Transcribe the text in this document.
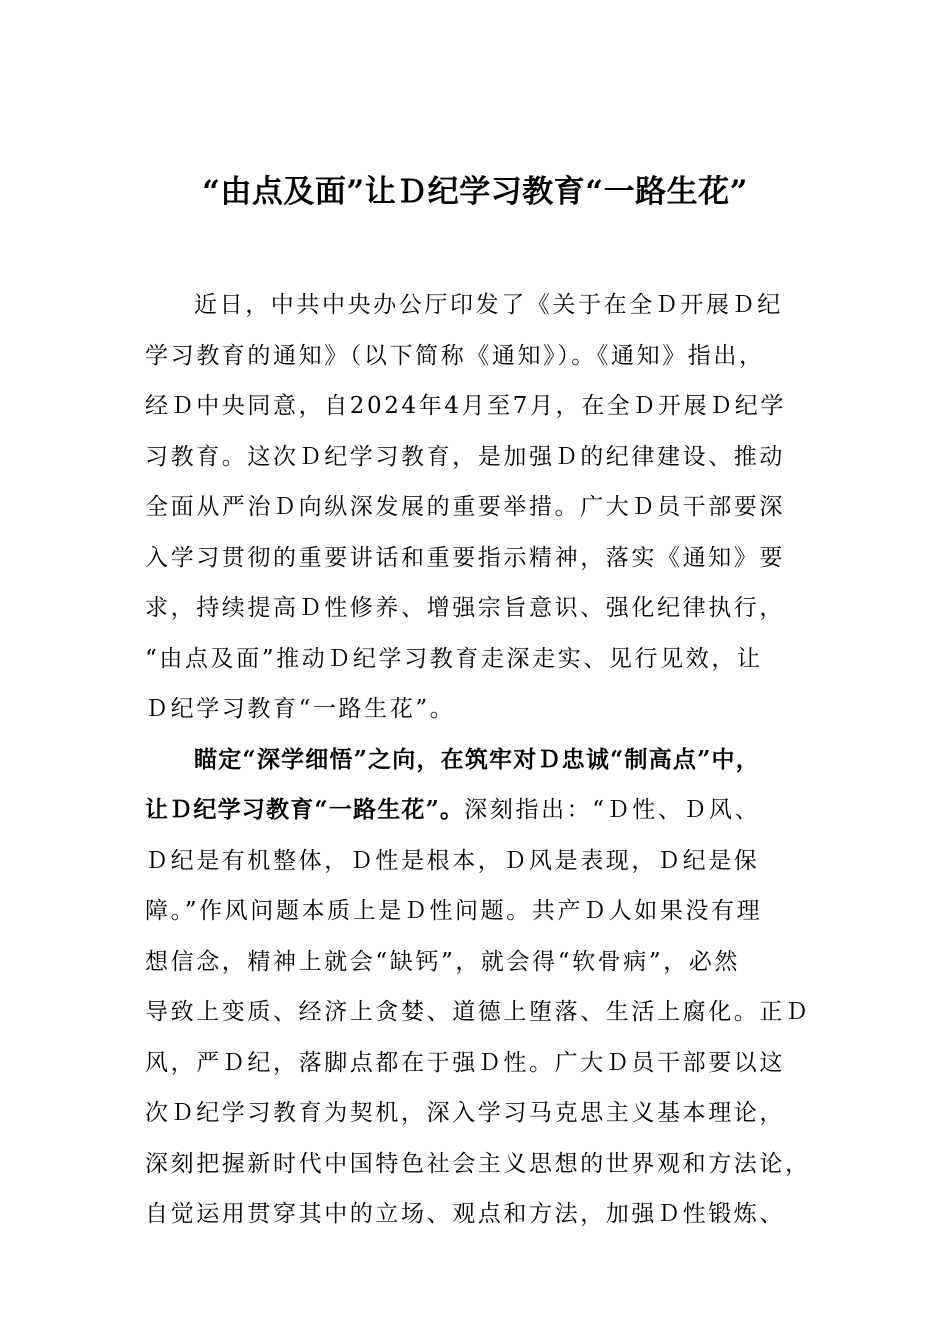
“由点及面”让Ｄ纪学习教育“一路生花”
近日，中共中央办公厅印发了《关于在全Ｄ开展Ｄ纪
学习教育的通知》（以下简称《通知》）。《通知》指出，
经Ｄ中央同意，自2024年4月至7月，在全Ｄ开展Ｄ纪学
习教育。这次Ｄ纪学习教育，是加强Ｄ的纪律建设、推动
全面从严治Ｄ向纵深发展的重要举措。广大Ｄ员干部要深
入学习贯彻的重要讲话和重要指示精神，落实《通知》要
求，持续提高Ｄ性修养、增强宗旨意识、强化纪律执行，
“由点及面”推动Ｄ纪学习教育走深走实、见行见效，让
Ｄ纪学习教育“一路生花”。
瞄定“深学细悟”之向，在筑牢对Ｄ忠诚“制高点”中，
让Ｄ纪学习教育“一路生花”。深刻指出：“Ｄ性、Ｄ风、
Ｄ纪是有机整体，Ｄ性是根本，Ｄ风是表现，Ｄ纪是保
障。”作风问题本质上是Ｄ性问题。共产Ｄ人如果没有理
想信念，精神上就会“缺钙”，就会得“软骨病”，必然
导致上变质、经济上贪婪、道德上堕落、生活上腐化。正Ｄ
风，严Ｄ纪，落脚点都在于强Ｄ性。广大Ｄ员干部要以这
次Ｄ纪学习教育为契机，深入学习马克思主义基本理论，
深刻把握新时代中国特色社会主义思想的世界观和方法论，
自觉运用贯穿其中的立场、观点和方法，加强Ｄ性锻炼、
